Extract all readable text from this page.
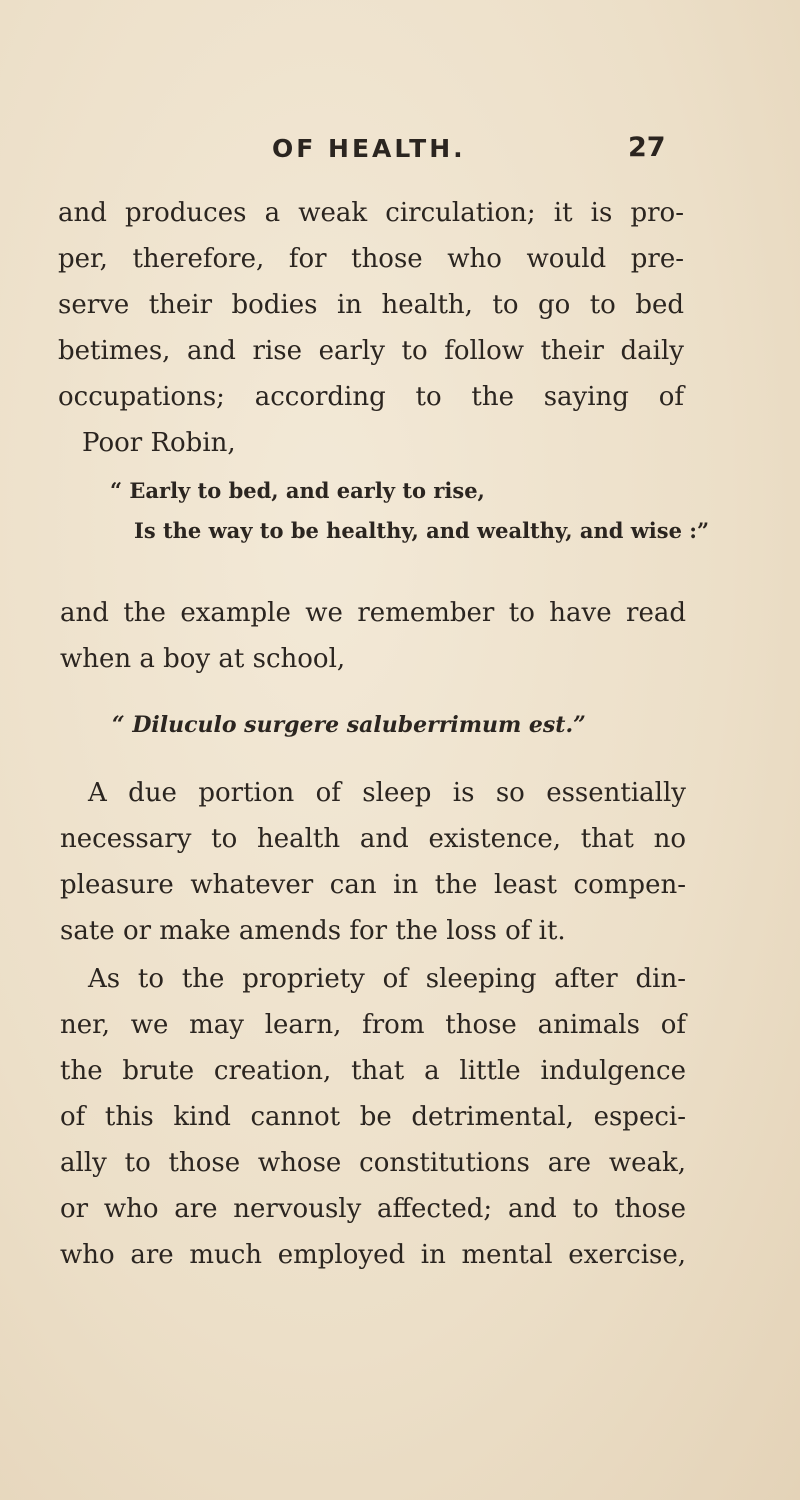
OF HEALTH.	27
and produces a weak circulation; it is pro-
per, therefore, for those who would pre-
serve their bodies in health, to go to bed
betimes, and rise early to follow their daily
occupations; according to the saying of
Poor Robin,
“ Early to bed, and early to rise,
Is the way to be healthy, and wealthy, and wise :”
and the example we remember to have read
when a boy at school,
“ Diluculo surgere saluberrimum est.”
A due portion of sleep is so essentially
necessary to health and existence, that no
pleasure whatever can in the least compen-
sate or make amends for the loss of it.
As to the propriety of sleeping after din-
ner, we may learn, from those animals of
the brute creation, that a little indulgence
of this kind cannot be detrimental, especi-
ally to those whose constitutions are weak,
or who are nervously affected; and to those
who are much employed in mental exercise,
